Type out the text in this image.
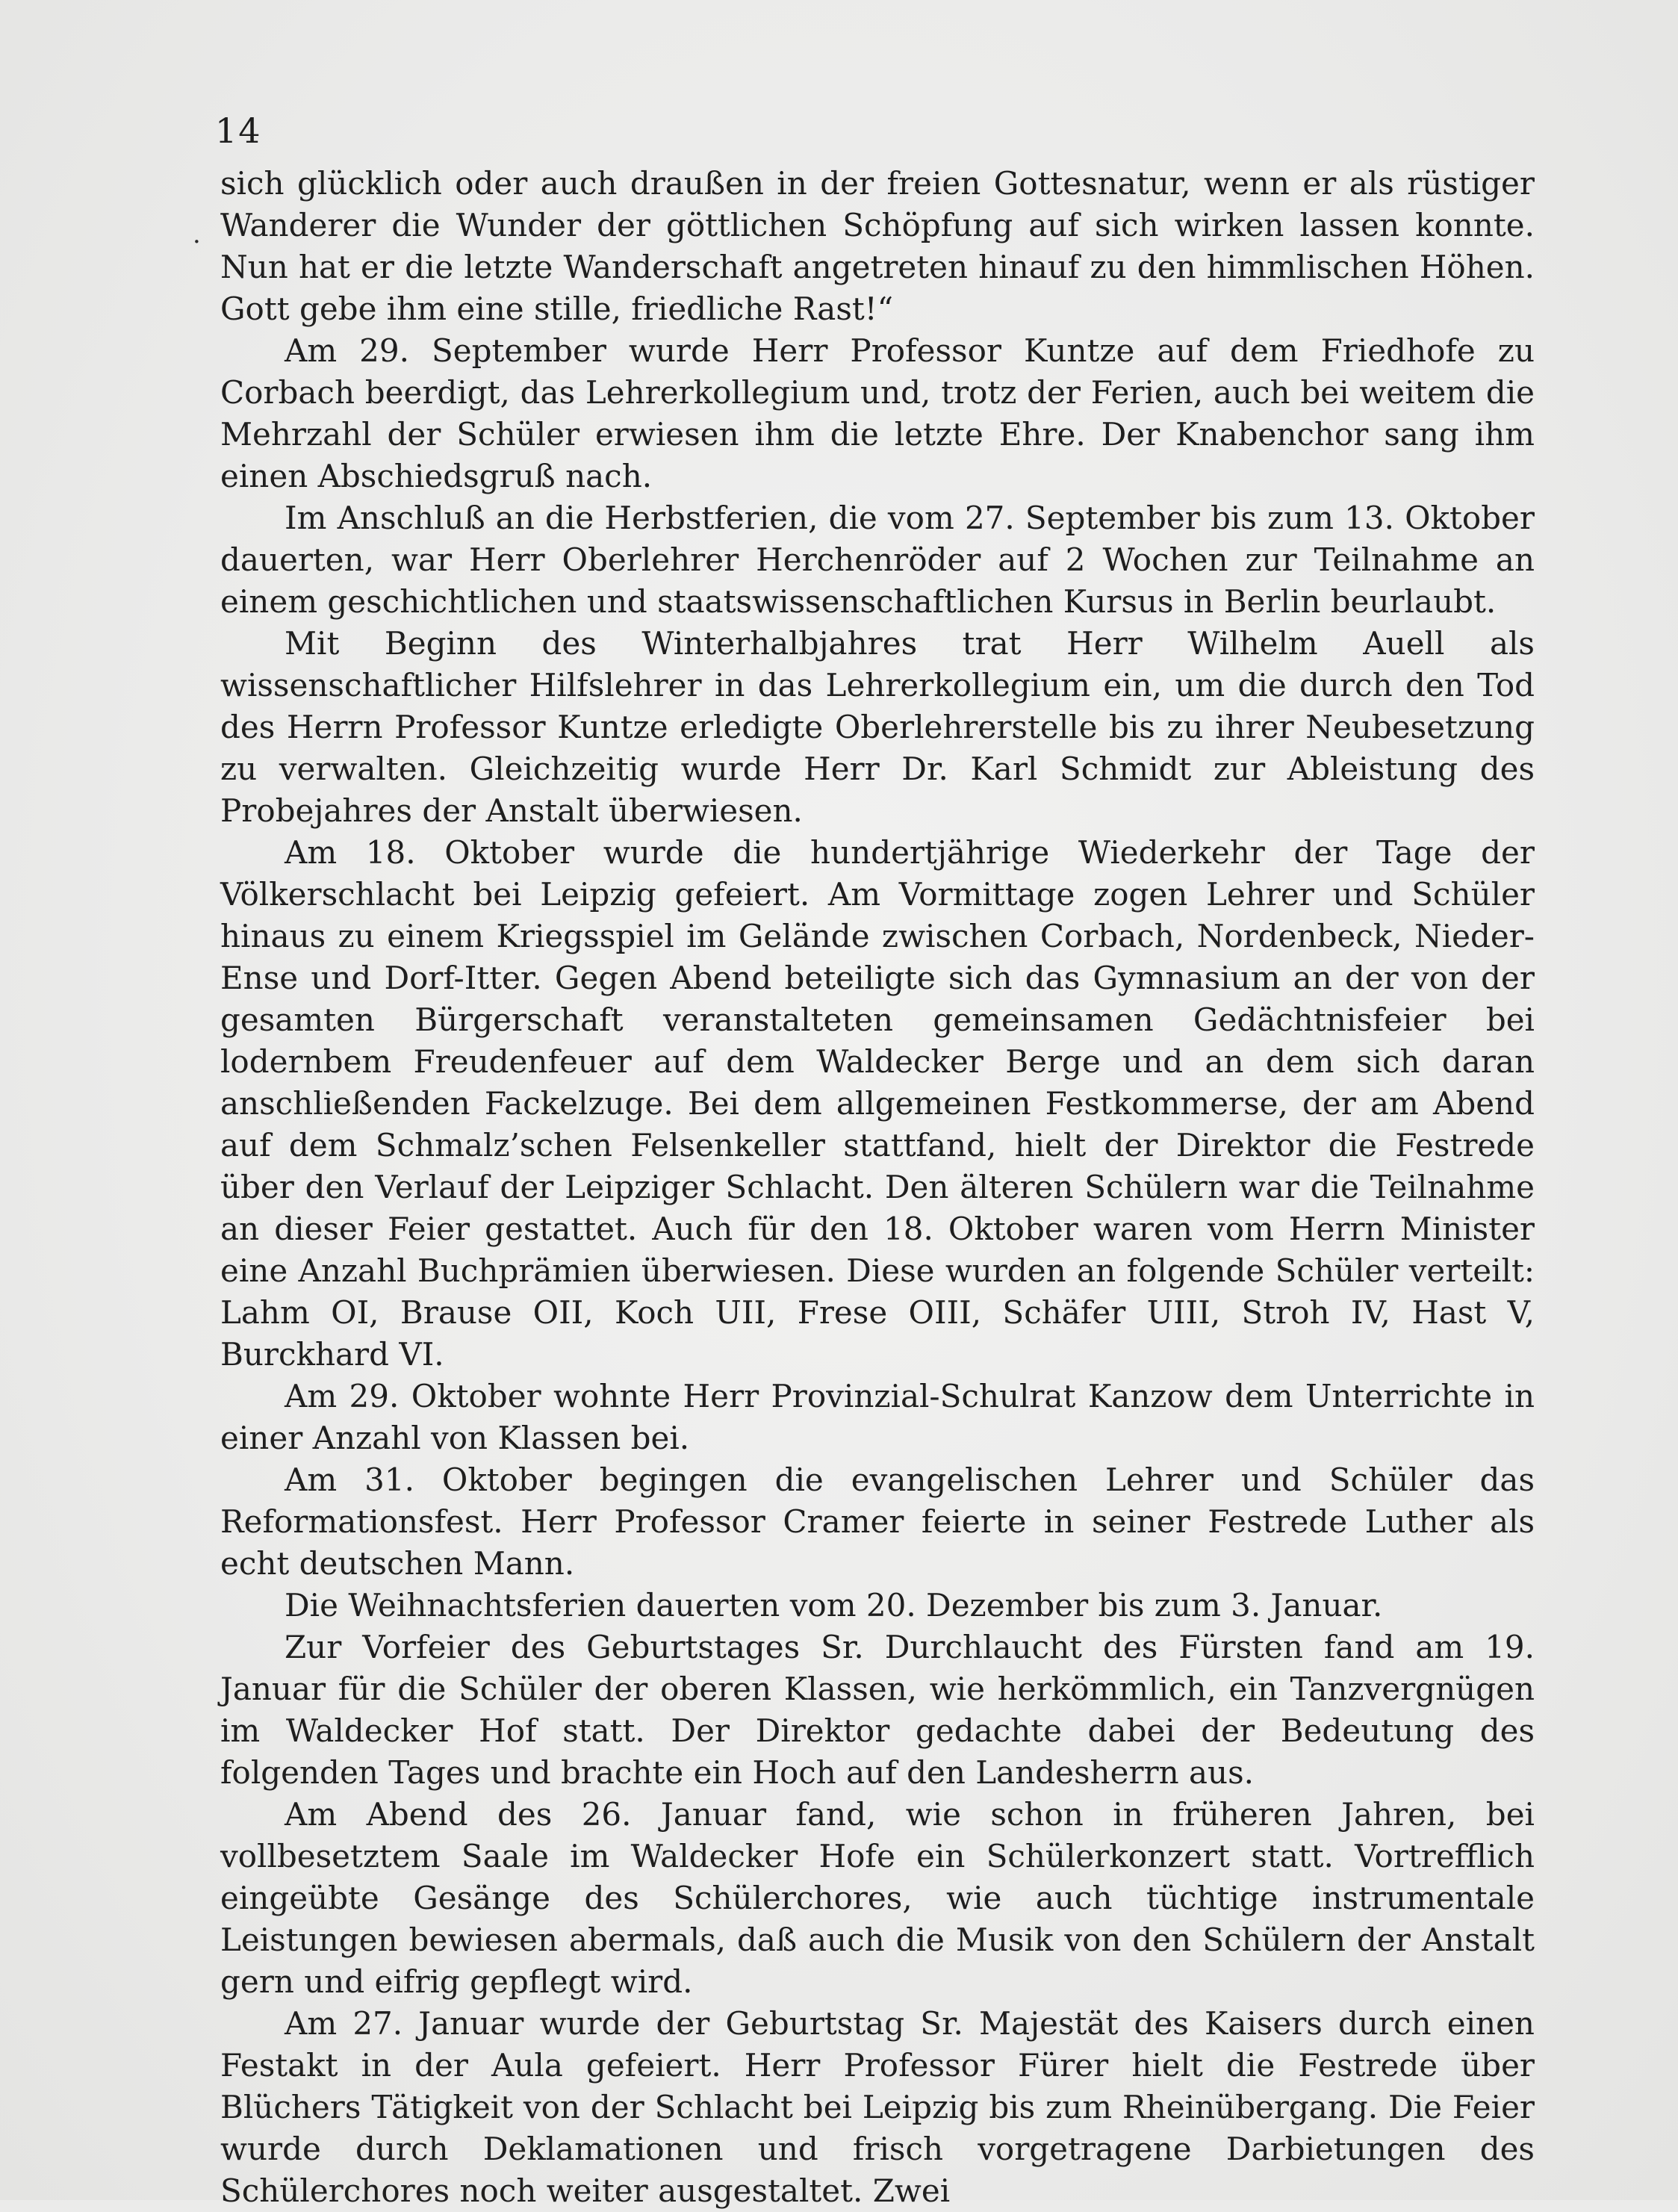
14
·

sich glücklich oder auch draußen in der freien Gottesnatur, wenn er als rüstiger Wanderer die Wunder der göttlichen Schöpfung auf sich wirken lassen konnte. Nun hat er die letzte Wanderschaft angetreten hinauf zu den himmlischen Höhen. Gott gebe ihm eine stille, friedliche Rast!“

Am 29. September wurde Herr Professor Kuntze auf dem Friedhofe zu Corbach beerdigt, das Lehrerkollegium und, trotz der Ferien, auch bei weitem die Mehrzahl der Schüler erwiesen ihm die letzte Ehre. Der Knabenchor sang ihm einen Abschiedsgruß nach.

Im Anschluß an die Herbstferien, die vom 27. September bis zum 13. Oktober dauerten, war Herr Oberlehrer Herchenröder auf 2 Wochen zur Teilnahme an einem geschichtlichen und staatswissenschaftlichen Kursus in Berlin beurlaubt.

Mit Beginn des Winterhalbjahres trat Herr Wilhelm Auell als wissenschaftlicher Hilfslehrer in das Lehrerkollegium ein, um die durch den Tod des Herrn Professor Kuntze erledigte Oberlehrerstelle bis zu ihrer Neubesetzung zu verwalten. Gleichzeitig wurde Herr Dr. Karl Schmidt zur Ableistung des Probejahres der Anstalt überwiesen.

Am 18. Oktober wurde die hundertjährige Wiederkehr der Tage der Völkerschlacht bei Leipzig gefeiert. Am Vormittage zogen Lehrer und Schüler hinaus zu einem Kriegsspiel im Gelände zwischen Corbach, Nordenbeck, Nieder-Ense und Dorf-Itter. Gegen Abend beteiligte sich das Gymnasium an der von der gesamten Bürgerschaft veranstalteten gemeinsamen Gedächtnisfeier bei lodernbem Freudenfeuer auf dem Waldecker Berge und an dem sich daran anschließenden Fackelzuge. Bei dem allgemeinen Festkommerse, der am Abend auf dem Schmalz’schen Felsenkeller stattfand, hielt der Direktor die Festrede über den Verlauf der Leipziger Schlacht. Den älteren Schülern war die Teilnahme an dieser Feier gestattet. Auch für den 18. Oktober waren vom Herrn Minister eine Anzahl Buchprämien überwiesen. Diese wurden an folgende Schüler verteilt: Lahm OI, Brause OII, Koch UII, Frese OIII, Schäfer UIII, Stroh IV, Hast V, Burckhard VI.

Am 29. Oktober wohnte Herr Provinzial-Schulrat Kanzow dem Unterrichte in einer Anzahl von Klassen bei.

Am 31. Oktober begingen die evangelischen Lehrer und Schüler das Reformationsfest. Herr Professor Cramer feierte in seiner Festrede Luther als echt deutschen Mann.

Die Weihnachtsferien dauerten vom 20. Dezember bis zum 3. Januar.

Zur Vorfeier des Geburtstages Sr. Durchlaucht des Fürsten fand am 19. Januar für die Schüler der oberen Klassen, wie herkömmlich, ein Tanzvergnügen im Waldecker Hof statt. Der Direktor gedachte dabei der Bedeutung des folgenden Tages und brachte ein Hoch auf den Landesherrn aus.

Am Abend des 26. Januar fand, wie schon in früheren Jahren, bei vollbesetztem Saale im Waldecker Hofe ein Schülerkonzert statt. Vortrefflich eingeübte Gesänge des Schülerchores, wie auch tüchtige instrumentale Leistungen bewiesen abermals, daß auch die Musik von den Schülern der Anstalt gern und eifrig gepflegt wird.

Am 27. Januar wurde der Geburtstag Sr. Majestät des Kaisers durch einen Festakt in der Aula gefeiert. Herr Professor Fürer hielt die Festrede über Blüchers Tätigkeit von der Schlacht bei Leipzig bis zum Rheinübergang. Die Feier wurde durch Deklamationen und frisch vorgetragene Darbietungen des Schülerchores noch weiter ausgestaltet. Zwei
